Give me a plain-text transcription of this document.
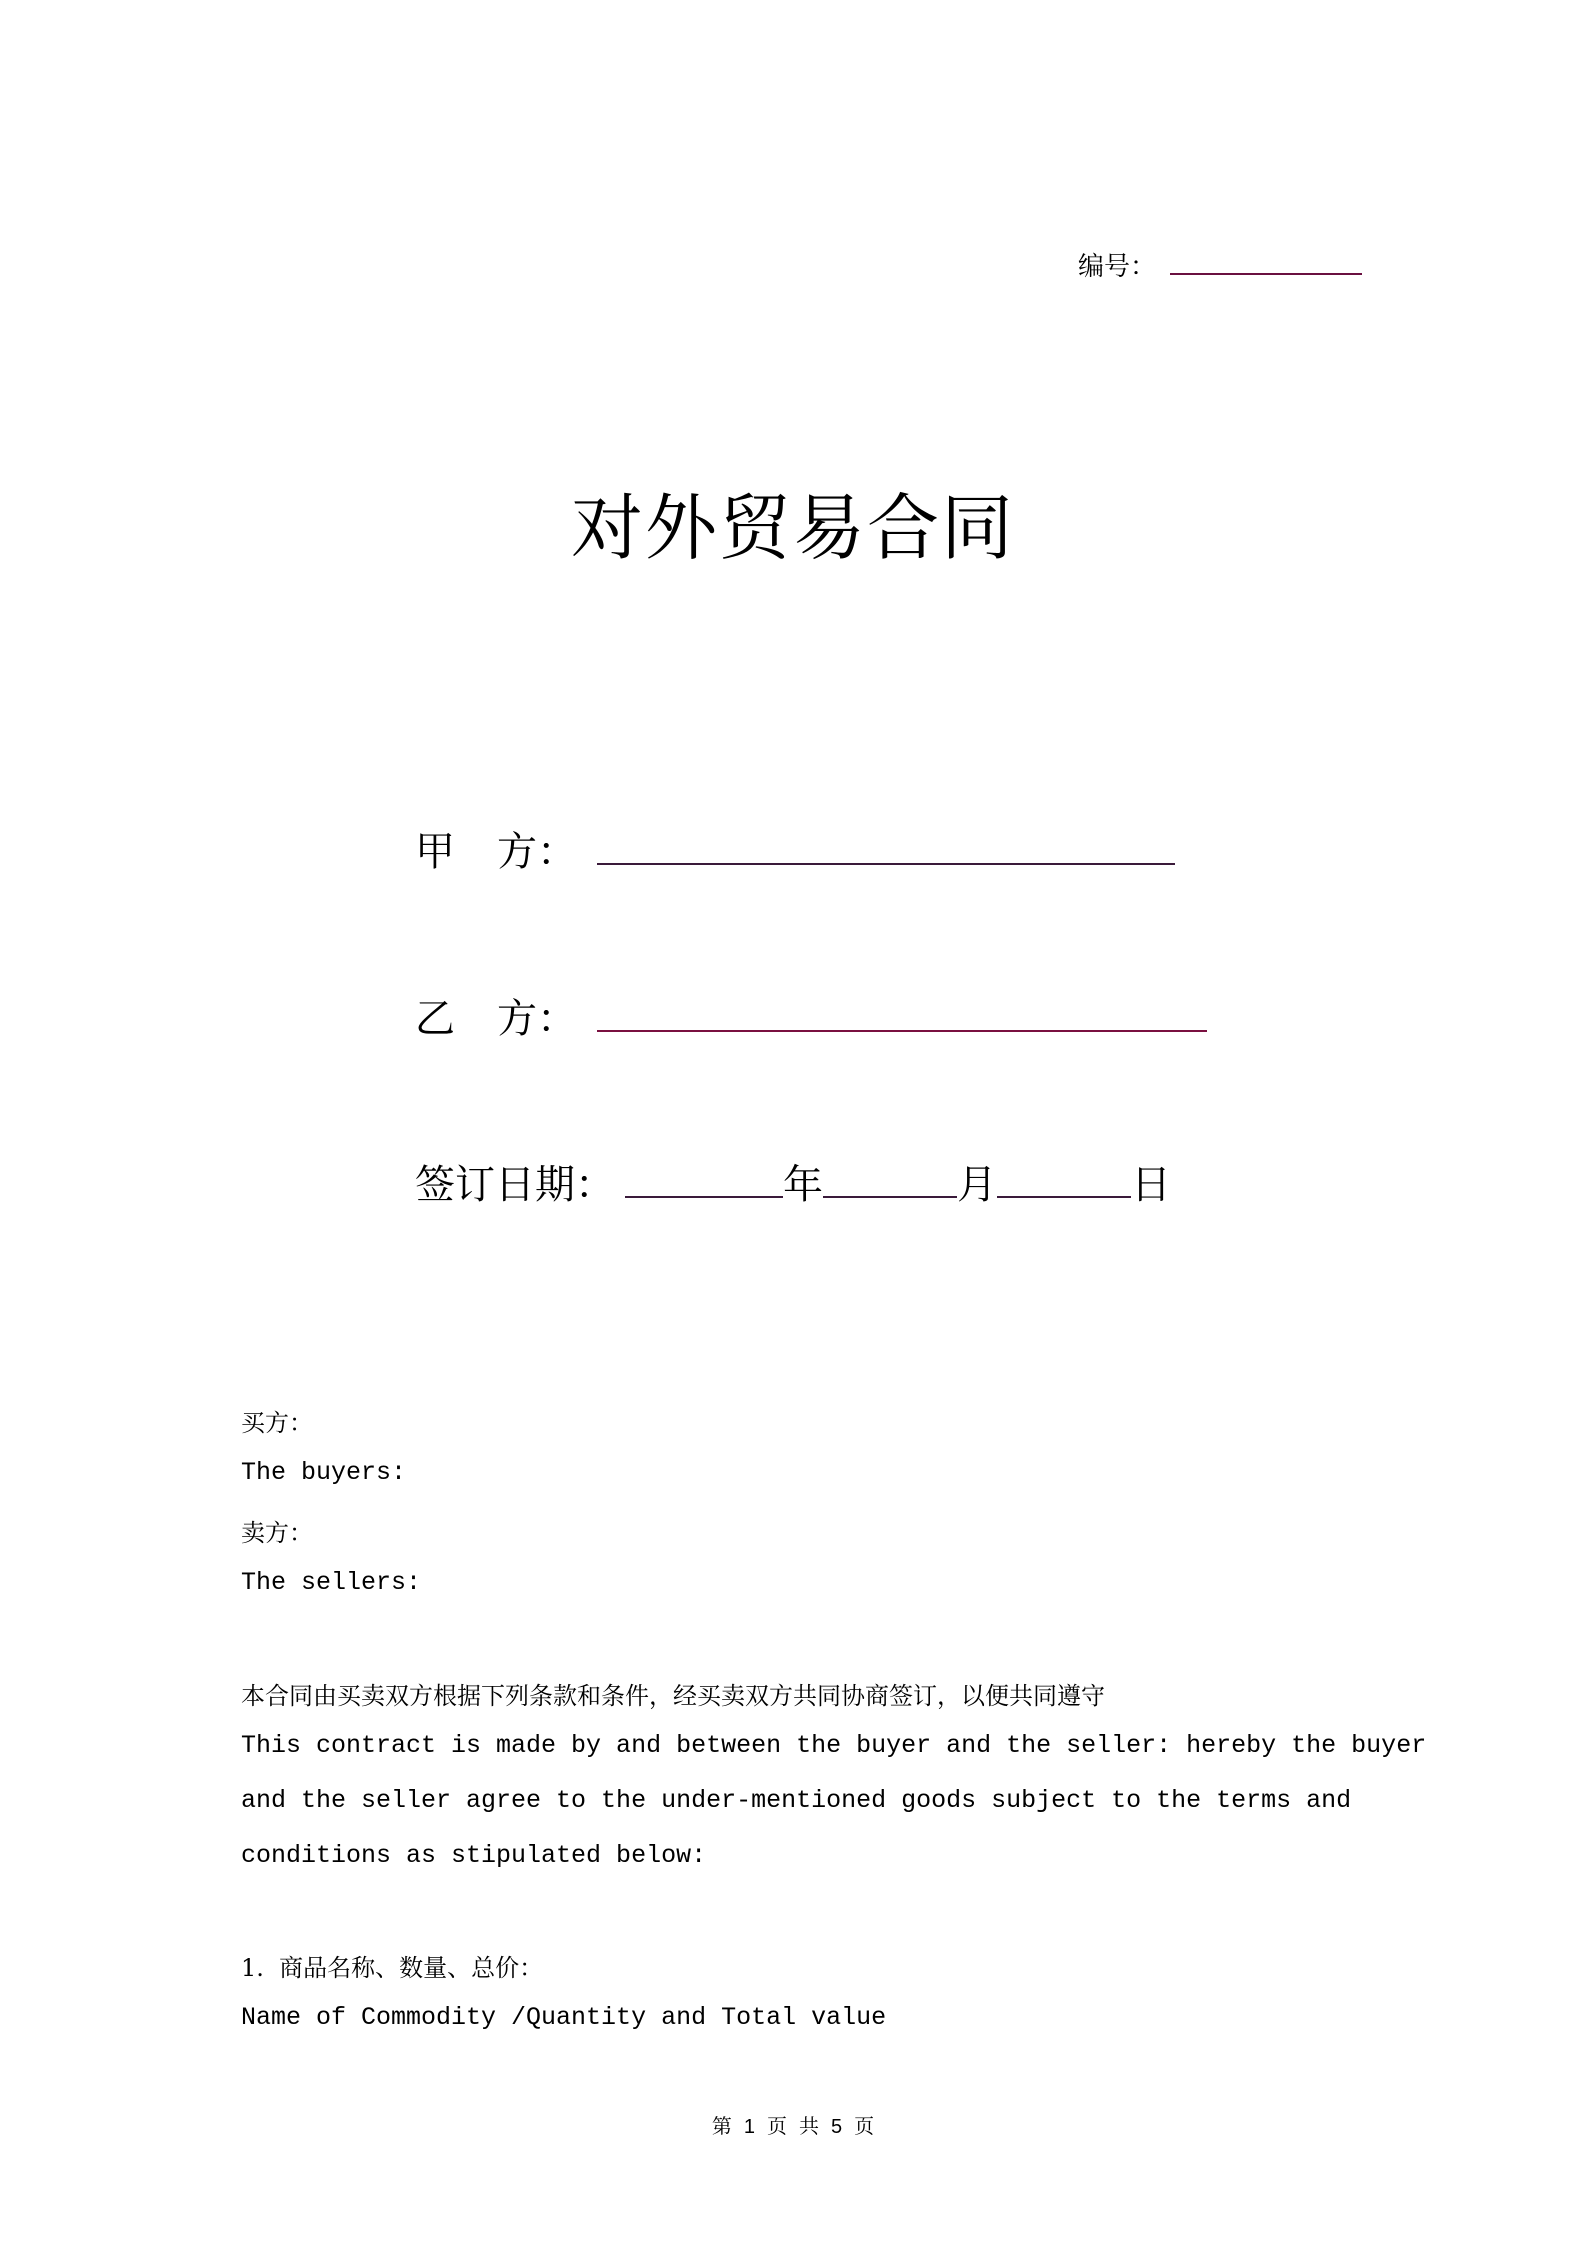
编号：
对外贸易合同
甲 方：
乙 方：
签订日期：	年	月	日
买方：
The buyers:
卖方：
The sellers:
本合同由买卖双方根据下列条款和条件，经买卖双方共同协商签订，以便共同遵守
This contract is made by and between the buyer and the seller: hereby the buyer
and the seller agree to the under-mentioned goods subject to the terms and
conditions as stipulated below:
1.  商品名称、数量、总价：
Name of Commodity /Quantity and Total value
第 1 页 共 5 页
